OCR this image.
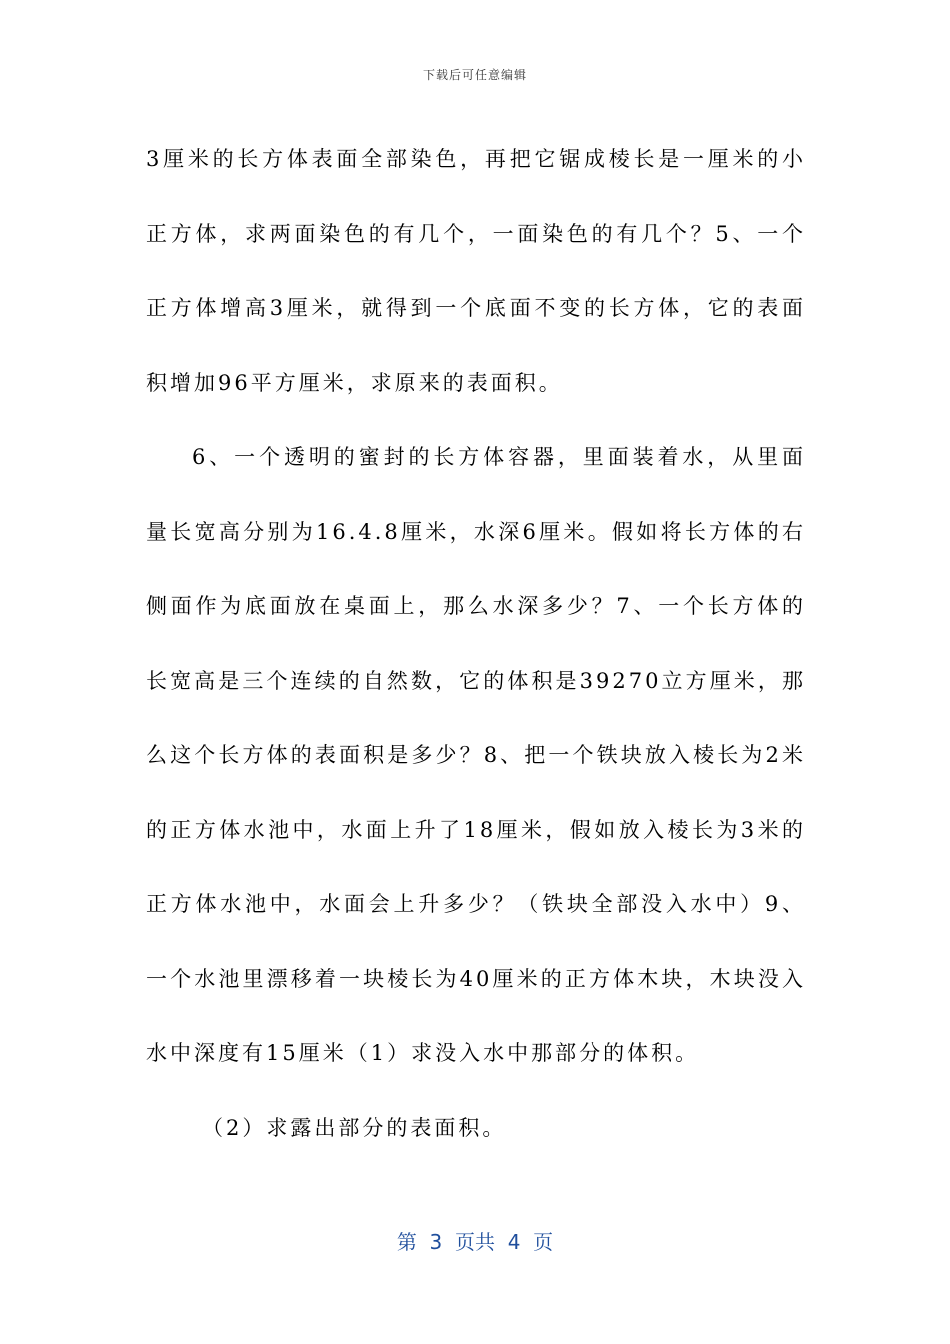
下载后可任意编辑

3厘米的长方体表面全部染色，再把它锯成棱长是一厘米的小正方体，求两面染色的有几个，一面染色的有几个？5、一个正方体增高3厘米，就得到一个底面不变的长方体，它的表面积增加96平方厘米，求原来的表面积。

6、一个透明的蜜封的长方体容器，里面装着水，从里面量长宽高分别为16.4.8厘米，水深6厘米。假如将长方体的右侧面作为底面放在桌面上，那么水深多少？7、一个长方体的长宽高是三个连续的自然数，它的体积是39270立方厘米，那么这个长方体的表面积是多少？8、把一个铁块放入棱长为2米的正方体水池中，水面上升了18厘米，假如放入棱长为3米的正方体水池中，水面会上升多少？（铁块全部没入水中）9、一个水池里漂移着一块棱长为40厘米的正方体木块，木块没入水中深度有15厘米（1）求没入水中那部分的体积。

（2）求露出部分的表面积。

第  3  页共  4  页
